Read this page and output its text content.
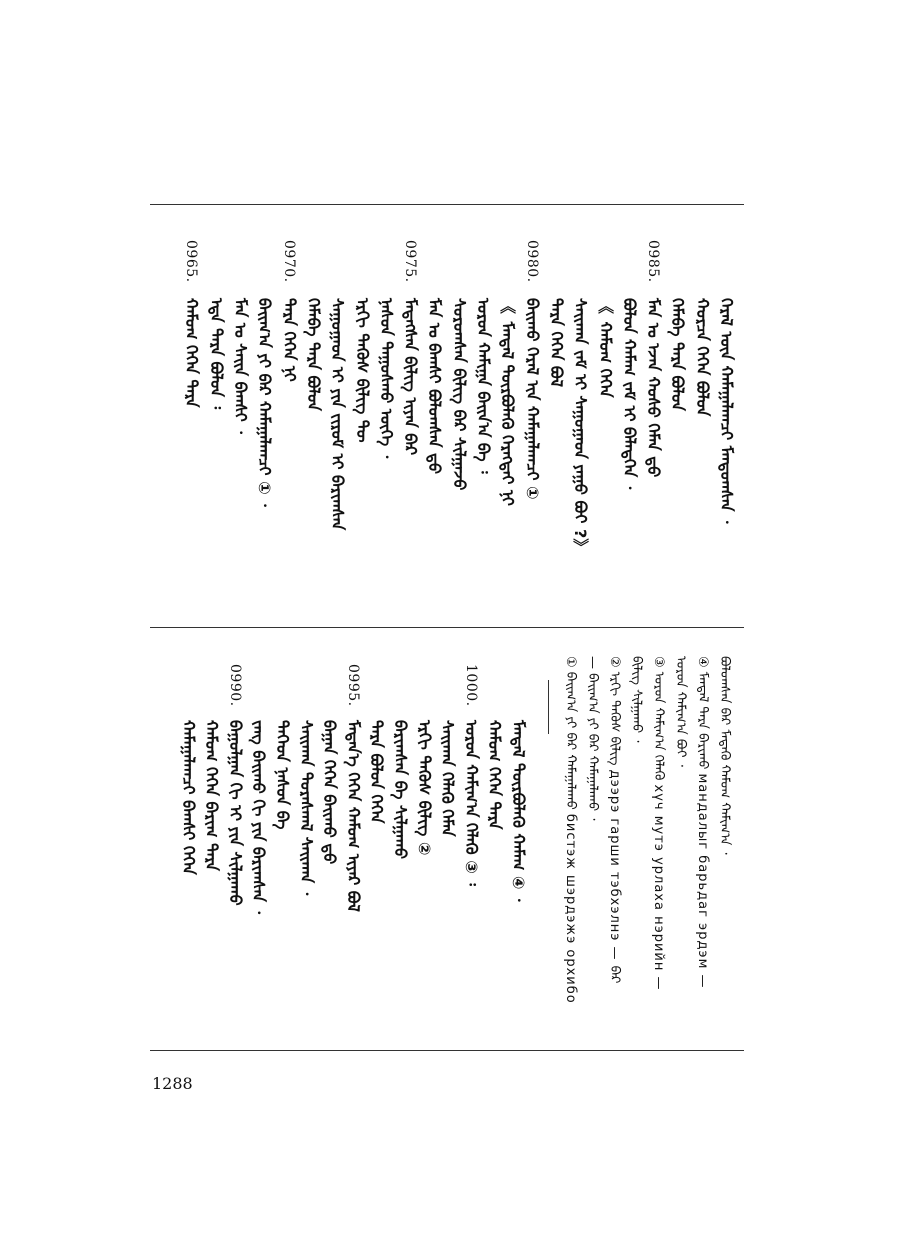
ᠭᠡᠷᠡᠯ ᠦᠨ ᠬᠠᠮᠠᠭᠠᠯᠠᠭᠴᠢ ᠮᠠᠨᠳᠤᠭᠰᠠᠨ ᠂
ᠬᠤᠷᠴᠠ ᠭᠡᠭᠡᠨ ᠪᠤᠯᠤᠨ
ᠬᠡᠮᠡᠪᠡ ᠲᠡᠷᠡ ᠪᠤᠯᠤᠨ
ᠮᠠᠨ ᠤ ᠡᠵᠡᠨ ᠬᠤᠰᠤ ᠬᠡᠮᠡᠨ ᠳ᠋ᠤ
ᠪᠣᠯᠣᠨ ᠬᠠᠮᠠᠭ ᠵᠠᠮ ᠢ ᠪᠡᠯᠡᠳ᠋ᠬᠡᠨ ᠂
《 ᠬᠠᠮᠤᠭ ᠭᠡᠭᠡᠨ
ᠰᠠᠢᠬᠠᠨ ᠵᠠᠮ ᠢ ᠰᠠᠭᠤᠭᠠᠳ ᠶᠠᠭᠤ ᠪᠤᠢ ?》
ᠲᠡᠷᠡ ᠭᠡᠭᠡᠨ ᠪᠤᠯ
ᠪᠠᠢᠬᠤ ᠭᠡᠷᠡᠯ ᠢᠨ ᠬᠠᠮᠠᠭᠠᠯᠠᠭᠴᠢ ①
《 ᠮᠠᠨᠳᠠᠯ ᠲᠦᠷᠪᠦᠯᠡᠬᠦ ᠬᠡᠷᠡᠭᠲᠡᠢ ᠨᠢ
ᠣᠷᠤᠨ ᠬᠠᠮᠢᠭᠠ ᠪᠠᠢᠨ᠎ᠠ ᠪᠡ ᠄
ᠰᠤᠷᠤᠭᠰᠠᠨ ᠪᠢᠯᠢᠭ ᠪᠠᠷ ᠰᠢᠯᠭᠠᠵᠤ
ᠮᠠᠨ ᠤ ᠪᠠᠭᠰᠢ ᠪᠤᠯᠤᠭᠰᠠᠨ ᠳ᠋ᠤ
ᠮᠡᠳᠡᠭᠰᠡᠨ ᠪᠢᠯᠢᠭ ᠢᠶᠡᠨ ᠪᠠᠷ
ᠨᠠᠰᠤᠨ ᠳᠠᠭᠤᠰᠬᠤ ᠦᠭᠡ ᠂
ᠡᠷᠬᠢ ᠲᠡᠭᠦᠰ ᠪᠢᠯᠢᠭ ᠲᠦ
ᠰᠠᠭᠤᠭᠠᠳ ᠢ ᠶᠢᠨ ᠵᠢᠷᠦᠮ ᠢ ᠪᠠᠷᠢᠭᠰᠠᠨ
ᠬᠡᠮᠡᠪᠡ ᠲᠡᠷᠡ ᠪᠤᠯᠤᠨ
ᠲᠡᠷᠡ ᠭᠡᠭᠡᠨ ᠨᠢ
ᠪᠠᠢ᠌ᠭ᠎ᠠ ᠶᠢ ᠪᠠᠷ ᠬᠠᠮᠠᠭᠠᠯᠠᠭᠴᠢ ① ᠂
ᠮᠠᠨ ᠤ ᠰᠠᠢᠨ ᠪᠠᠭᠰᠢ ᠂
ᠡᠳᠡ ᠲᠡᠷᠡ ᠪᠤᠯᠤᠨ ᠄
ᠬᠠᠮᠤᠭ ᠭᠡᠭᠡᠨ ᠲᠡᠷᠡ
0985.
0980.
0975.
0970.
0965.
ᠪᠣᠯᠣᠭᠰᠠᠨ ᠪᠠᠷ ᠮᠡᠳᠡᠬᠦ ᠬᠠᠮᠤᠭ ᠬᠠᠮᠢᠭ᠎ᠠ ᠂
④ ᠮᠠᠨᠳᠠᠯ ᠲᠡᠷᠡ ᠪᠠᠷᠢᠬᠤ мандалыг барьдаг эрдэм —
ᠣᠷᠤᠨ ᠬᠠᠮᠢᠭ᠎ᠠ ᠪᠤᠢ ᠂
③ ᠣᠷᠤᠨ ᠬᠠᠮᠢᠭ᠎ᠠ ᠬᠡᠯᠡᠬᠦ хүч мутэ урлаха нэрийн —
ᠪᠢᠯᠢᠭ ᠰᠢᠯᠭᠠᠬᠤ ᠂
② ᠡᠷᠬᠢ ᠲᠡᠭᠦᠰ ᠪᠢᠯᠢᠭ дээрэ гарши тэбхэлнэ — ᠪᠠᠷ
— ᠪᠠᠢ᠌ᠭ᠎ᠠ ᠶᠢ ᠪᠠᠷ ᠬᠠᠮᠠᠭᠠᠯᠠᠬᠤ ᠂
① ᠪᠠᠢ᠌ᠭ᠎ᠠ ᠶᠢ ᠪᠠᠷ ᠬᠠᠮᠠᠭᠠᠯᠠᠬᠤ бистэж шэрдэжэ орхибо
ᠮᠠᠨᠳᠠᠯ ᠲᠦᠷᠪᠦᠯᠡᠬᠦ ᠬᠠᠮᠠᠭ ④ ᠂
ᠬᠠᠮᠤᠭ ᠭᠡᠭᠡᠨ ᠲᠡᠷᠡ
ᠣᠷᠤᠨ ᠬᠠᠮᠢᠭ᠎ᠠ ᠬᠡᠯᠡᠬᠦ ③ ᠄
ᠰᠠᠢᠬᠠᠨ ᠬᠡᠯᠡᠬᠦ ᠬᠡᠮᠡᠨ
ᠡᠷᠬᠢ ᠲᠡᠭᠦᠰ ᠪᠢᠯᠢᠭ ②
ᠪᠠᠷᠢᠭᠰᠠᠨ ᠪᠠ ᠰᠢᠯᠭᠠᠬᠤ
ᠲᠡᠷᠡ ᠪᠤᠯᠤᠨ ᠭᠡᠭᠡᠨ
ᠮᠡᠳᠡᠨ᠎ᠡ ᠭᠡᠭᠡᠨ ᠬᠠᠮᠤᠭ ᠢᠶᠠᠷ ᠪᠤᠯ
ᠪᠠᠭᠠᠨ ᠭᠡᠭᠡᠨ ᠪᠠᠢᠬᠤ ᠳ᠋ᠤ
ᠰᠠᠢᠬᠠᠨ ᠳᠤᠷᠠᠰᠬᠠᠯ ᠰᠠᠢᠬᠠᠨ ᠂
ᠲᠡᠭᠡᠳ ᠨᠠᠰᠤᠨ ᠪᠠ
ᠵᠠᠩ ᠪᠠᠢᠬᠤ ᠬᠢ ᠶᠢᠨ ᠪᠠᠷᠢᠭᠰᠠᠨ ᠂
ᠪᠠᠭᠤᠯᠭᠠᠨ ᠬᠢ ᠢ ᠶᠢᠨ ᠰᠢᠯᠭᠠᠬᠤ
ᠬᠠᠮᠤᠭ ᠭᠡᠭᠡᠨ ᠪᠠᠷᠢᠭ ᠲᠡᠷᠡ
ᠬᠠᠮᠠᠭᠠᠯᠠᠭᠴᠢ ᠪᠠᠭᠰᠢ ᠭᠡᠭᠡᠨ
1000.
0995.
0990.
1288
